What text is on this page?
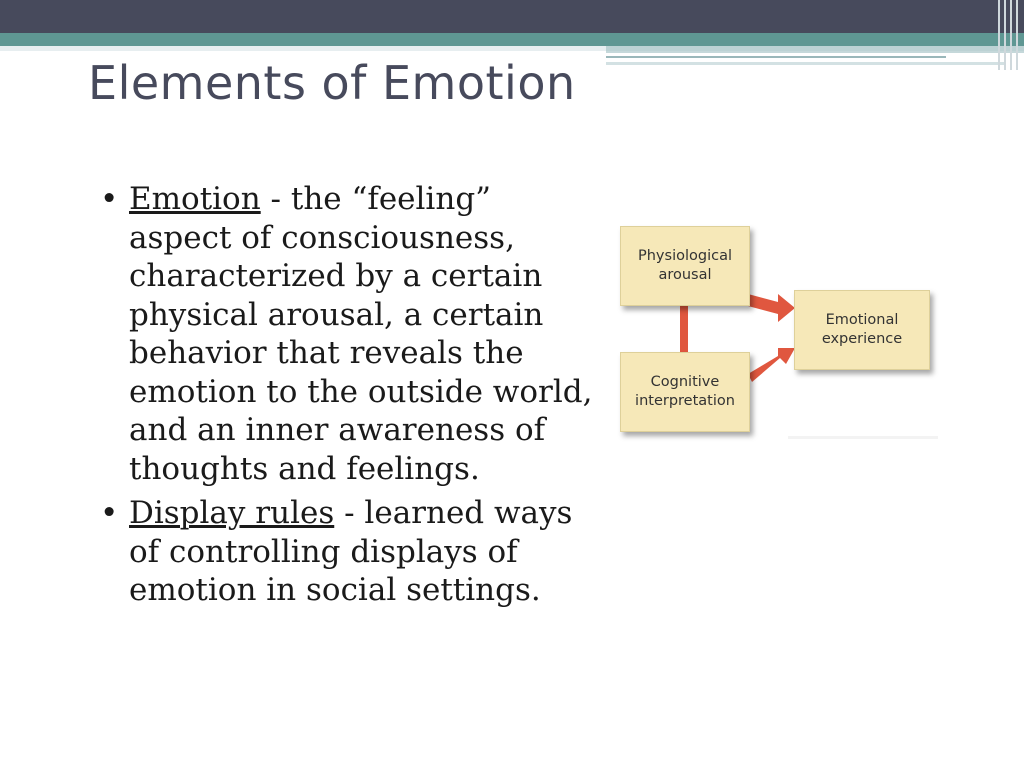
Elements of Emotion
• Emotion - the “feeling” aspect of consciousness, characterized by a certain physical arousal, a certain behavior that reveals the emotion to the outside world, and an inner awareness of thoughts and feelings.
• Display rules - learned ways of controlling displays of emotion in social settings.
Physiological
arousal
Cognitive
interpretation
Emotional
experience
